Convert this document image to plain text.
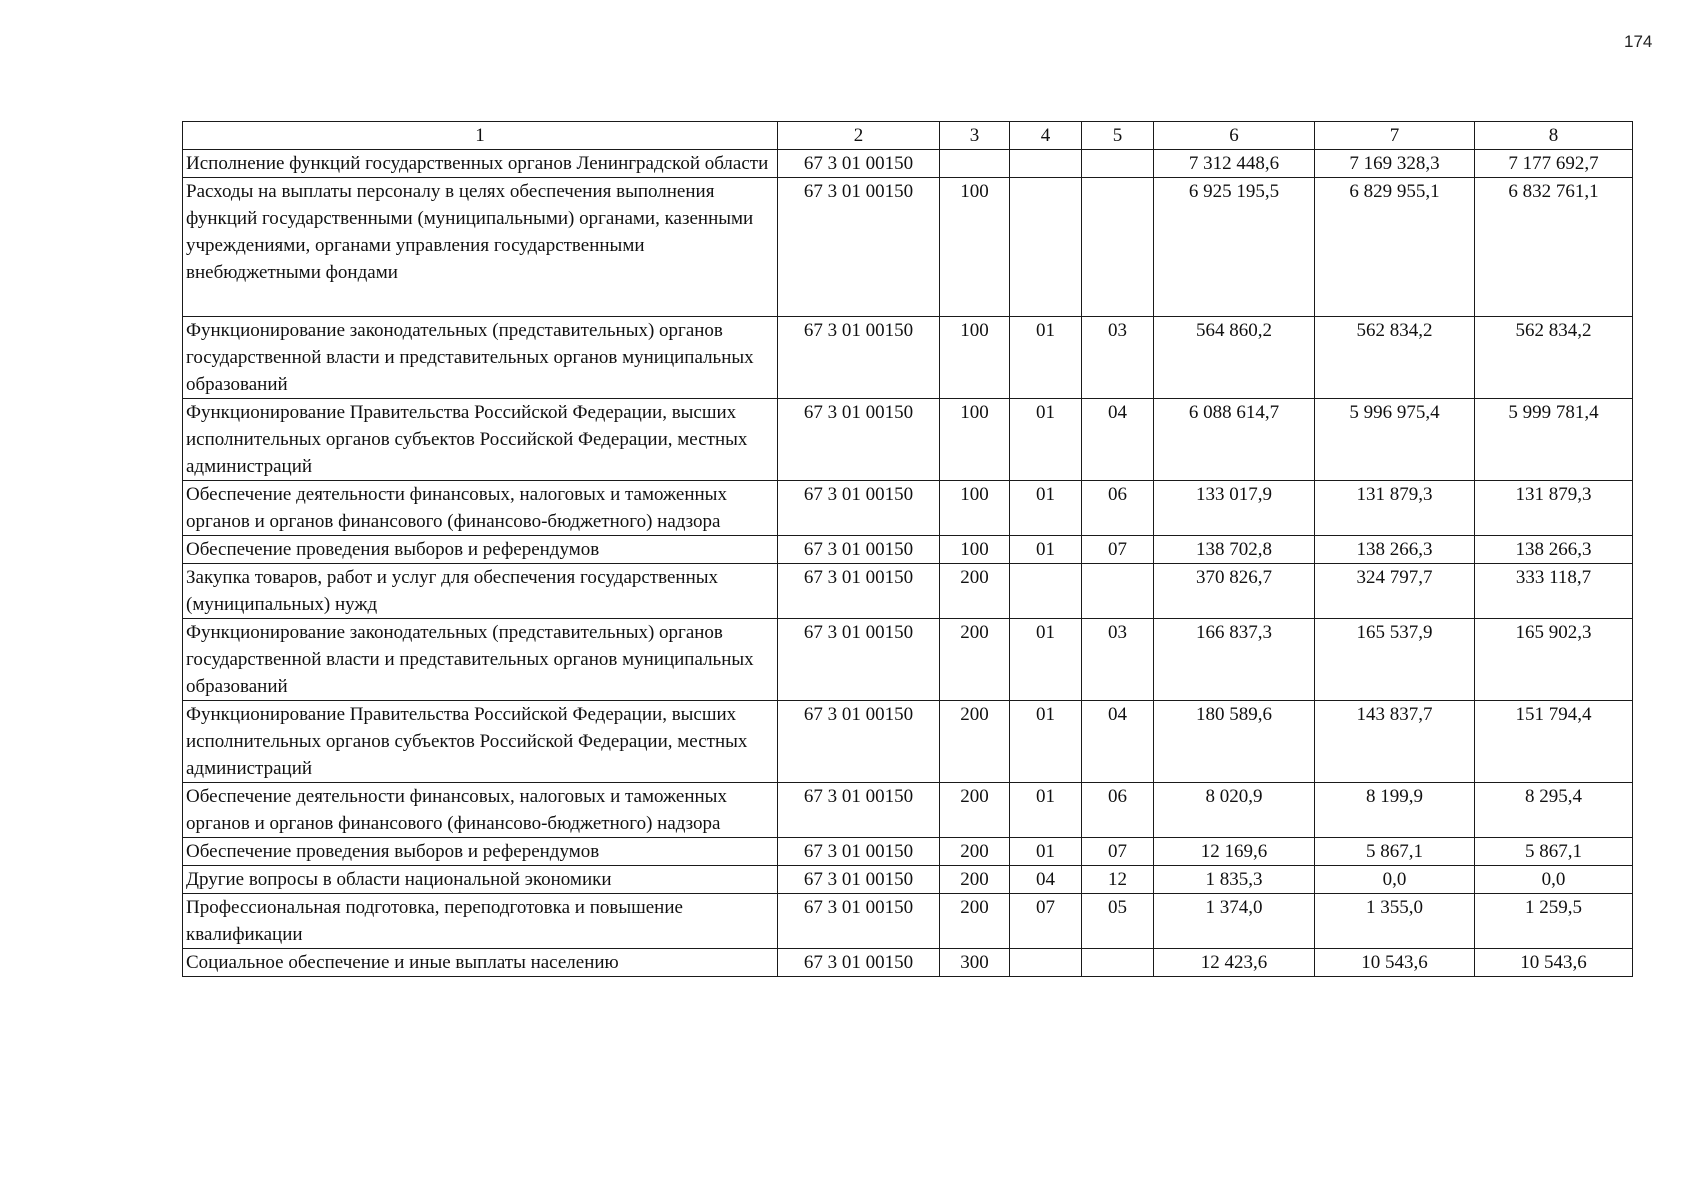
174
1	2	3	4	5	6	7	8
Исполнение функций государственных органов Ленинградской области	67 3 01 00150				7 312 448,6	7 169 328,3	7 177 692,7
Расходы на выплаты персоналу в целях обеспечения выполнения функций государственными (муниципальными) органами, казенными учреждениями, органами управления государственными внебюджетными фондами	67 3 01 00150	100			6 925 195,5	6 829 955,1	6 832 761,1
Функционирование законодательных (представительных) органов государственной власти и представительных органов муниципальных образований	67 3 01 00150	100	01	03	564 860,2	562 834,2	562 834,2
Функционирование Правительства Российской Федерации, высших исполнительных органов субъектов Российской Федерации, местных администраций	67 3 01 00150	100	01	04	6 088 614,7	5 996 975,4	5 999 781,4
Обеспечение деятельности финансовых, налоговых и таможенных органов и органов финансового (финансово-бюджетного) надзора	67 3 01 00150	100	01	06	133 017,9	131 879,3	131 879,3
Обеспечение проведения выборов и референдумов	67 3 01 00150	100	01	07	138 702,8	138 266,3	138 266,3
Закупка товаров, работ и услуг для обеспечения государственных (муниципальных) нужд	67 3 01 00150	200			370 826,7	324 797,7	333 118,7
Функционирование законодательных (представительных) органов государственной власти и представительных органов муниципальных образований	67 3 01 00150	200	01	03	166 837,3	165 537,9	165 902,3
Функционирование Правительства Российской Федерации, высших исполнительных органов субъектов Российской Федерации, местных администраций	67 3 01 00150	200	01	04	180 589,6	143 837,7	151 794,4
Обеспечение деятельности финансовых, налоговых и таможенных органов и органов финансового (финансово-бюджетного) надзора	67 3 01 00150	200	01	06	8 020,9	8 199,9	8 295,4
Обеспечение проведения выборов и референдумов	67 3 01 00150	200	01	07	12 169,6	5 867,1	5 867,1
Другие вопросы в области национальной экономики	67 3 01 00150	200	04	12	1 835,3	0,0	0,0
Профессиональная подготовка, переподготовка и повышение квалификации	67 3 01 00150	200	07	05	1 374,0	1 355,0	1 259,5
Социальное обеспечение и иные выплаты населению	67 3 01 00150	300			12 423,6	10 543,6	10 543,6
